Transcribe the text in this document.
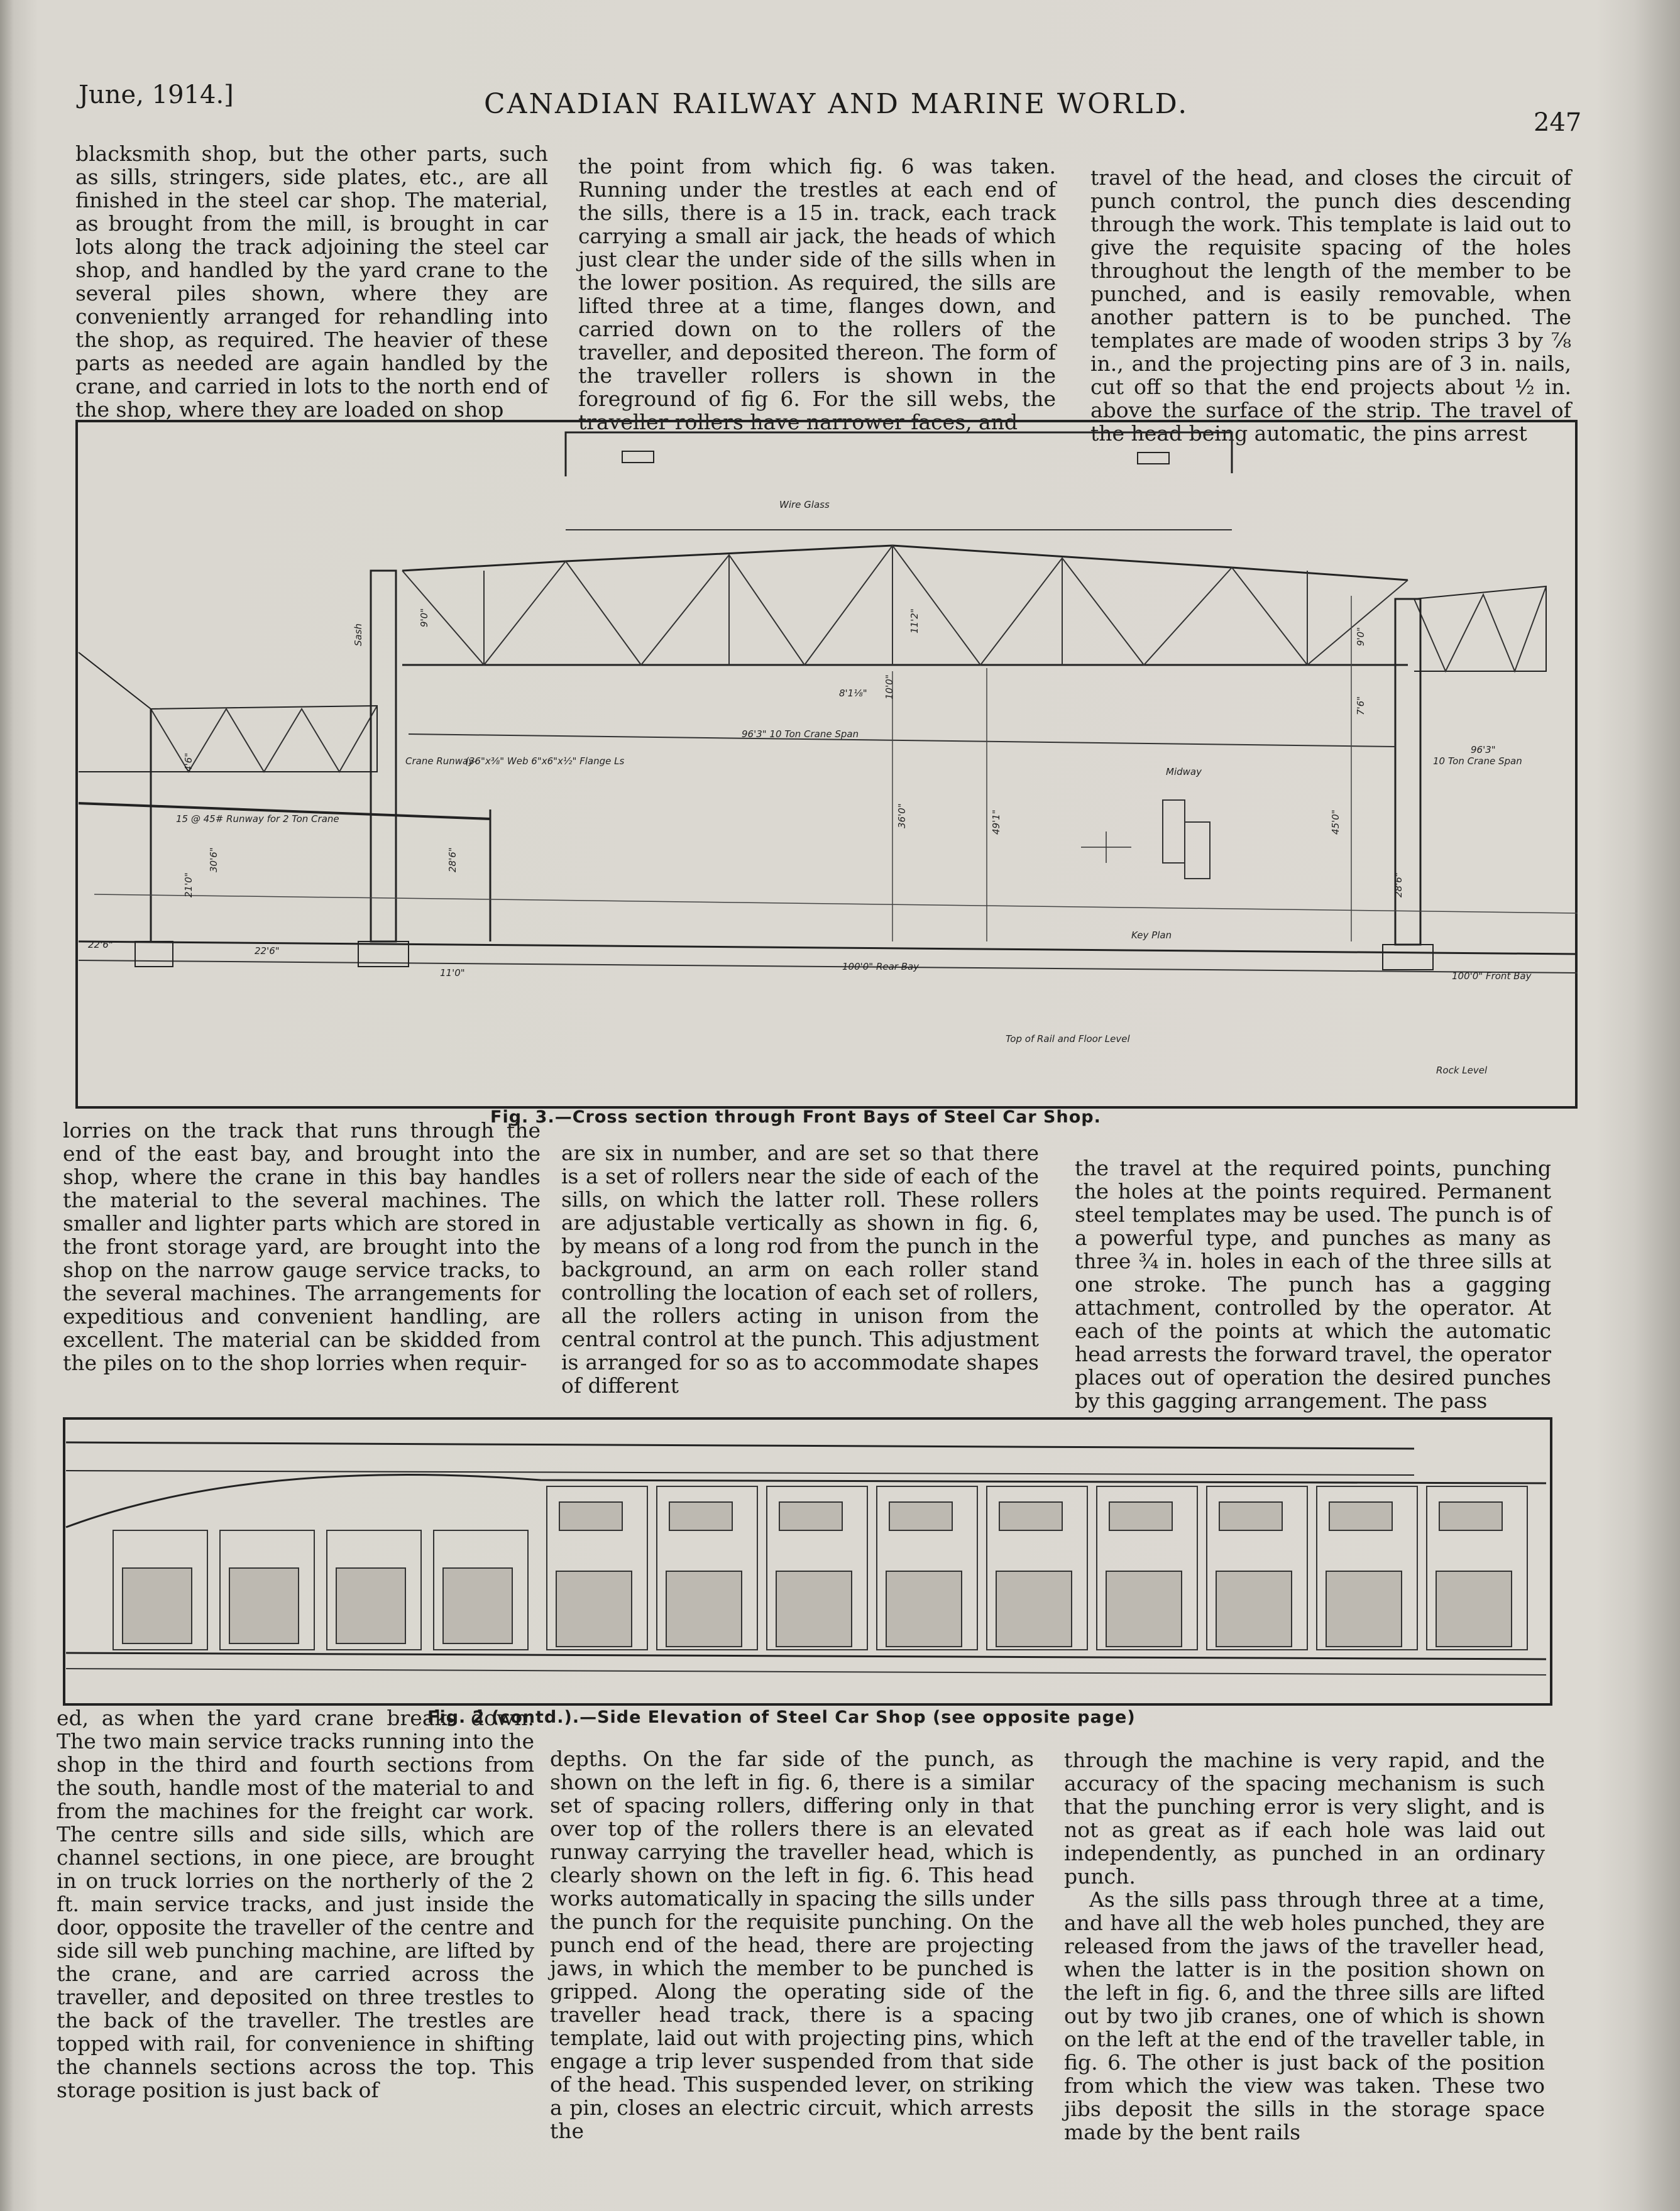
June, 1914.]	CANADIAN RAILWAY AND MARINE WORLD.
247

blacksmith shop, but the other parts, such as sills, stringers, side plates, etc., are all finished in the steel car shop. The material, as brought from the mill, is brought in car lots along the track adjoining the steel car shop, and handled by the yard crane to the several piles shown, where they are conveniently arranged for rehandling into the shop, as required. The heavier of these parts as needed are again handled by the crane, and carried in lots to the north end of the shop, where they are loaded on shop

the point from which fig. 6 was taken. Running under the trestles at each end of the sills, there is a 15 in. track, each track carrying a small air jack, the heads of which just clear the under side of the sills when in the lower position. As required, the sills are lifted three at a time, flanges down, and carried down on to the rollers of the traveller, and deposited thereon. The form of the traveller rollers is shown in the foreground of fig 6. For the sill webs, the traveller rollers have narrower faces, and

travel of the head, and closes the circuit of punch control, the punch dies descending through the work. This template is laid out to give the requisite spacing of the holes throughout the length of the member to be punched, and is easily removable, when another pattern is to be punched. The templates are made of wooden strips 3 by ⅞ in., and the projecting pins are of 3 in. nails, cut off so that the end projects about ½ in. above the surface of the strip. The travel of the head being automatic, the pins arrest

Wire Glass
Sash
Crane Runway-
(36"x⅜" Web 6"x6"x½" Flange Ls
15 @ 45# Runway for 2 Ton Crane
96'3" 10 Ton Crane Span
96'3"
10 Ton Crane Span
Midway
Key Plan
100'0" Rear Bay
100'0" Front Bay
Top of Rail and Floor Level
Rock Level
22'6"
22'6"
11'0"
8'1⅛"
9'0"
9'0"
11'2"
10'0"
36'0"	49'1"	45'0"
7'6"
4'6"
30'6"
21'0"
28'6"
28'6"
Fig. 3.—Cross section through Front Bays of Steel Car Shop.

lorries on the track that runs through the end of the east bay, and brought into the shop, where the crane in this bay handles the material to the several machines. The smaller and lighter parts which are stored in the front storage yard, are brought into the shop on the narrow gauge service tracks, to the several machines. The arrangements for expeditious and convenient handling, are excellent. The material can be skidded from the piles on to the shop lorries when requir-

are six in number, and are set so that there is a set of rollers near the side of each of the sills, on which the latter roll. These rollers are adjustable vertically as shown in fig. 6, by means of a long rod from the punch in the background, an arm on each roller stand controlling the location of each set of rollers, all the rollers acting in unison from the central control at the punch. This adjustment is arranged for so as to accommodate shapes of different

the travel at the required points, punching the holes at the points required. Permanent steel templates may be used. The punch is of a powerful type, and punches as many as three ¾ in. holes in each of the three sills at one stroke. The punch has a gagging attachment, controlled by the operator. At each of the points at which the automatic head arrests the forward travel, the operator places out of operation the desired punches by this gagging arrangement. The pass

Fig. 2 (contd.).—Side Elevation of Steel Car Shop (see opposite page)

ed, as when the yard crane breaks down. The two main service tracks running into the shop in the third and fourth sections from the south, handle most of the material to and from the machines for the freight car work. The centre sills and side sills, which are channel sections, in one piece, are brought in on truck lorries on the northerly of the 2 ft. main service tracks, and just inside the door, opposite the traveller of the centre and side sill web punching machine, are lifted by the crane, and are carried across the traveller, and deposited on three trestles to the back of the traveller. The trestles are topped with rail, for convenience in shifting the channels sections across the top. This storage position is just back of

depths. On the far side of the punch, as shown on the left in fig. 6, there is a similar set of spacing rollers, differing only in that over top of the rollers there is an elevated runway carrying the traveller head, which is clearly shown on the left in fig. 6. This head works automatically in spacing the sills under the punch for the requisite punching. On the punch end of the head, there are projecting jaws, in which the member to be punched is gripped. Along the operating side of the traveller head track, there is a spacing template, laid out with projecting pins, which engage a trip lever suspended from that side of the head. This suspended lever, on striking a pin, closes an electric circuit, which arrests the

through the machine is very rapid, and the accuracy of the spacing mechanism is such that the punching error is very slight, and is not as great as if each hole was laid out independently, as punched in an ordinary punch.

As the sills pass through three at a time, and have all the web holes punched, they are released from the jaws of the traveller head, when the latter is in the position shown on the left in fig. 6, and the three sills are lifted out by two jib cranes, one of which is shown on the left at the end of the traveller table, in fig. 6. The other is just back of the position from which the view was taken. These two jibs deposit the sills in the storage space made by the bent rails
